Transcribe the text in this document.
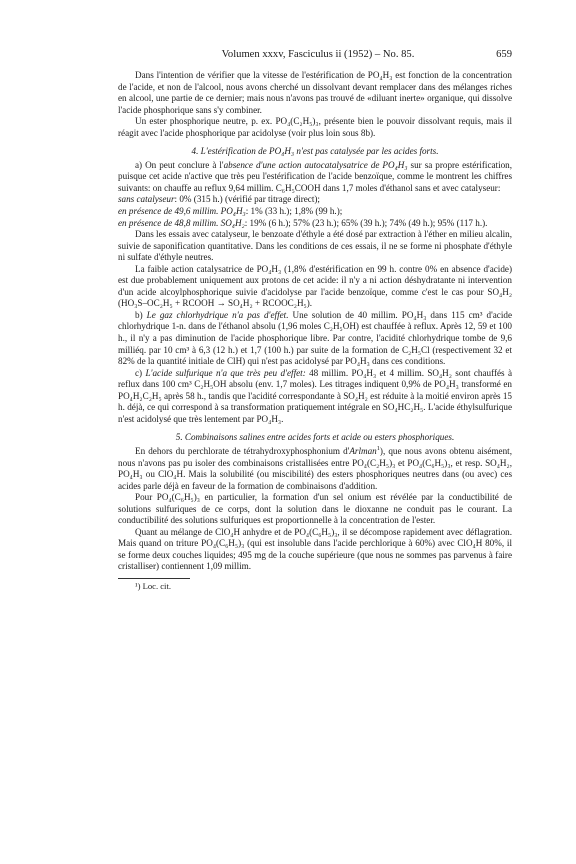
Volumen xxxv, Fasciculus ii (1952) – No. 85.	659

Dans l'intention de vérifier que la vitesse de l'estérification de PO₄H₃ est fonction de la concentration de l'acide, et non de l'alcool, nous avons cherché un dissolvant devant remplacer dans des mélanges riches en alcool, une partie de ce dernier; mais nous n'avons pas trouvé de «diluant inerte» organique, qui dissolve l'acide phosphorique sans s'y combiner.

Un ester phosphorique neutre, p. ex. PO₄(C₂H₅)₃, présente bien le pouvoir dissolvant requis, mais il réagit avec l'acide phosphorique par acidolyse (voir plus loin sous 8b).

4. L'estérification de PO₄H₃ n'est pas catalysée par les acides forts.

a) On peut conclure à l'absence d'une action autocatalysatrice de PO₄H₃ sur sa propre estérification, puisque cet acide n'active que très peu l'estérification de l'acide benzoïque, comme le montrent les chiffres suivants: on chauffe au reflux 9,64 millim. C₆H₅COOH dans 1,7 moles d'éthanol sans et avec catalyseur:

sans catalyseur: 0% (315 h.) (vérifié par titrage direct);

en présence de 49,6 millim. PO₄H₃: 1% (33 h.); 1,8% (99 h.);

en présence de 48,8 millim. SO₄H₂: 19% (6 h.); 57% (23 h.); 65% (39 h.); 74% (49 h.); 95% (117 h.).

Dans les essais avec catalyseur, le benzoate d'éthyle a été dosé par extraction à l'éther en milieu alcalin, suivie de saponification quantitative. Dans les conditions de ces essais, il ne se forme ni phosphate d'éthyle ni sulfate d'éthyle neutres.

La faible action catalysatrice de PO₄H₃ (1,8% d'estérification en 99 h. contre 0% en absence d'acide) est due probablement uniquement aux protons de cet acide: il n'y a ni action déshydratante ni intervention d'un acide alcoylphosphorique suivie d'acidolyse par l'acide benzoïque, comme c'est le cas pour SO₄H₂ (HO₃S–OC₂H₅ + RCOOH → SO₄H₂ + RCOOC₂H₅).

b) Le gaz chlorhydrique n'a pas d'effet. Une solution de 40 millim. PO₄H₃ dans 115 cm³ d'acide chlorhydrique 1-n. dans de l'éthanol absolu (1,96 moles C₂H₅OH) est chauffée à reflux. Après 12, 59 et 100 h., il n'y a pas diminution de l'acide phosphorique libre. Par contre, l'acidité chlorhydrique tombe de 9,6 milliéq. par 10 cm³ à 6,3 (12 h.) et 1,7 (100 h.) par suite de la formation de C₂H₅Cl (respectivement 32 et 82% de la quantité initiale de ClH) qui n'est pas acidolysé par PO₄H₃ dans ces conditions.

c) L'acide sulfurique n'a que très peu d'effet: 48 millim. PO₄H₃ et 4 millim. SO₄H₂ sont chauffés à reflux dans 100 cm³ C₂H₅OH absolu (env. 1,7 moles). Les titrages indiquent 0,9% de PO₄H₃ transformé en PO₄H₂C₂H₅ après 58 h., tandis que l'acidité correspondante à SO₄H₂ est réduite à la moitié environ après 15 h. déjà, ce qui correspond à sa transformation pratiquement intégrale en SO₄HC₂H₅. L'acide éthylsulfurique n'est acidolysé que très lentement par PO₄H₃.

5. Combinaisons salines entre acides forts et acide ou esters phosphoriques.

En dehors du perchlorate de tétrahydroxyphosphonium d'Arlman$^1$), que nous avons obtenu aisément, nous n'avons pas pu isoler des combinaisons cristallisées entre PO₄(C₂H₅)₃ et PO₄(C₆H₅)₃, et resp. SO₄H₂, PO₄H₃ ou ClO₄H. Mais la solubilité (ou miscibilité) des esters phosphoriques neutres dans (ou avec) ces acides parle déjà en faveur de la formation de combinaisons d'addition.

Pour PO₄(C₆H₅)₃ en particulier, la formation d'un sel onium est révélée par la conductibilité de solutions sulfuriques de ce corps, dont la solution dans le dioxanne ne conduit pas le courant. La conductibilité des solutions sulfuriques est proportionnelle à la concentration de l'ester.

Quant au mélange de ClO₄H anhydre et de PO₄(C₆H₅)₃, il se décompose rapidement avec déflagration. Mais quand on triture PO₄(C₆H₅)₃ (qui est insoluble dans l'acide perchlorique à 60%) avec ClO₄H 80%, il se forme deux couches liquides; 495 mg de la couche supérieure (que nous ne sommes pas parvenus à faire cristalliser) contiennent 1,09 millim.

¹) Loc. cit.
